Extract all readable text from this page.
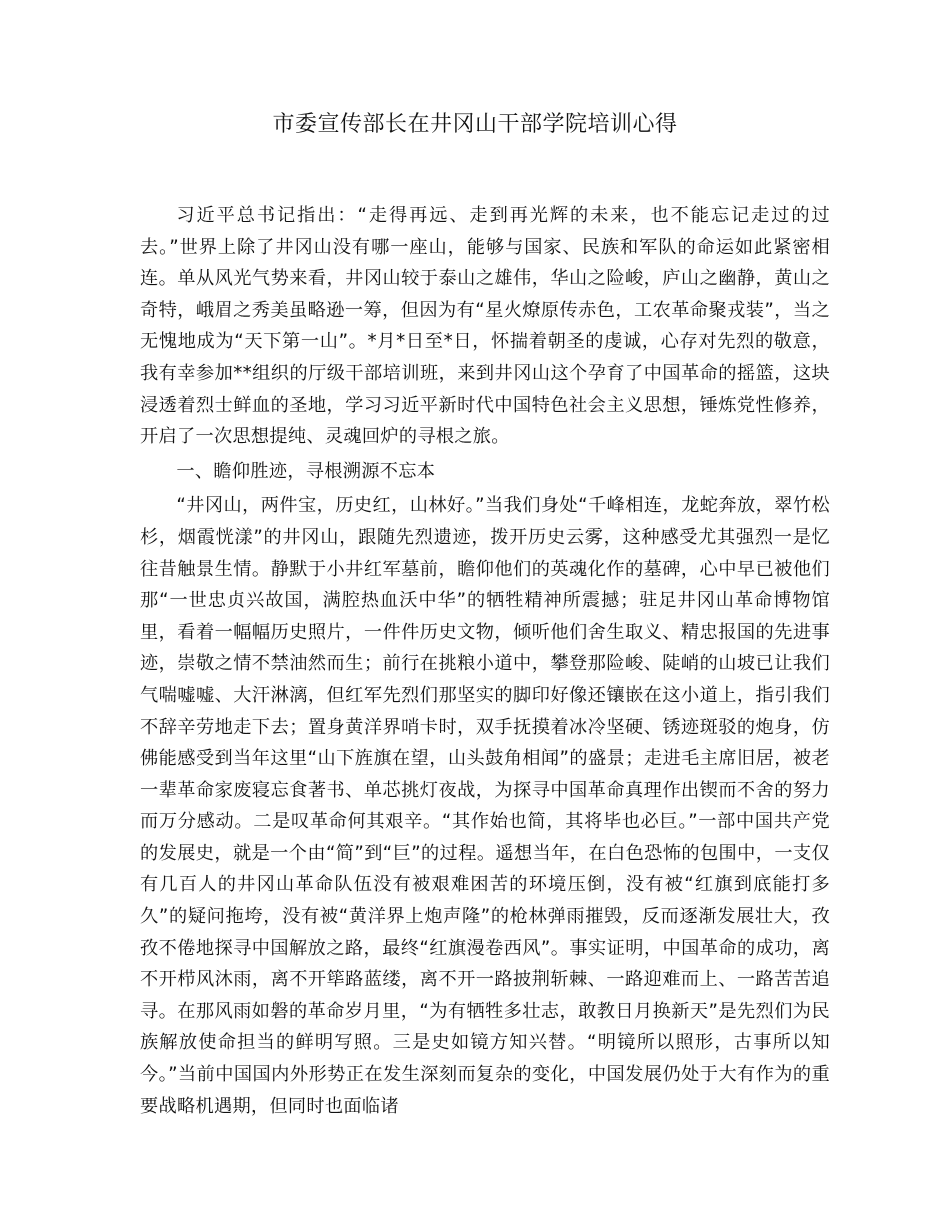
市委宣传部长在井冈山干部学院培训心得

习近平总书记指出：“走得再远、走到再光辉的未来，也不能忘记走过的过去。”世界上除了井冈山没有哪一座山，能够与国家、民族和军队的命运如此紧密相连。单从风光气势来看，井冈山较于泰山之雄伟，华山之险峻，庐山之幽静，黄山之奇特，峨眉之秀美虽略逊一筹，但因为有“星火燎原传赤色，工农革命聚戎装”，当之无愧地成为“天下第一山”。*月*日至*日，怀揣着朝圣的虔诚，心存对先烈的敬意，我有幸参加**组织的厅级干部培训班，来到井冈山这个孕育了中国革命的摇篮，这块浸透着烈士鲜血的圣地，学习习近平新时代中国特色社会主义思想，锤炼党性修养，开启了一次思想提纯、灵魂回炉的寻根之旅。

一、瞻仰胜迹，寻根溯源不忘本

“井冈山，两件宝，历史红，山林好。”当我们身处“千峰相连，龙蛇奔放，翠竹松杉，烟霞恍漾”的井冈山，跟随先烈遗迹，拨开历史云雾，这种感受尤其强烈一是忆往昔触景生情。静默于小井红军墓前，瞻仰他们的英魂化作的墓碑，心中早已被他们那“一世忠贞兴故国，满腔热血沃中华”的牺牲精神所震撼；驻足井冈山革命博物馆里，看着一幅幅历史照片，一件件历史文物，倾听他们舍生取义、精忠报国的先进事迹，崇敬之情不禁油然而生；前行在挑粮小道中，攀登那险峻、陡峭的山坡已让我们气喘嘘嘘、大汗淋漓，但红军先烈们那坚实的脚印好像还镶嵌在这小道上，指引我们不辞辛劳地走下去；置身黄洋界哨卡时，双手抚摸着冰冷坚硬、锈迹斑驳的炮身，仿佛能感受到当年这里“山下旌旗在望，山头鼓角相闻”的盛景；走进毛主席旧居，被老一辈革命家废寝忘食著书、单芯挑灯夜战，为探寻中国革命真理作出锲而不舍的努力而万分感动。二是叹革命何其艰辛。“其作始也简，其将毕也必巨。”一部中国共产党的发展史，就是一个由“简”到“巨”的过程。遥想当年，在白色恐怖的包围中，一支仅有几百人的井冈山革命队伍没有被艰难困苦的环境压倒，没有被“红旗到底能打多久”的疑问拖垮，没有被“黄洋界上炮声隆”的枪林弹雨摧毁，反而逐渐发展壮大，孜孜不倦地探寻中国解放之路，最终“红旗漫卷西风”。事实证明，中国革命的成功，离不开栉风沐雨，离不开筚路蓝缕，离不开一路披荆斩棘、一路迎难而上、一路苦苦追寻。在那风雨如磐的革命岁月里，“为有牺牲多壮志，敢教日月换新天”是先烈们为民族解放使命担当的鲜明写照。三是史如镜方知兴替。“明镜所以照形，古事所以知今。”当前中国国内外形势正在发生深刻而复杂的变化，中国发展仍处于大有作为的重要战略机遇期，但同时也面临诸
